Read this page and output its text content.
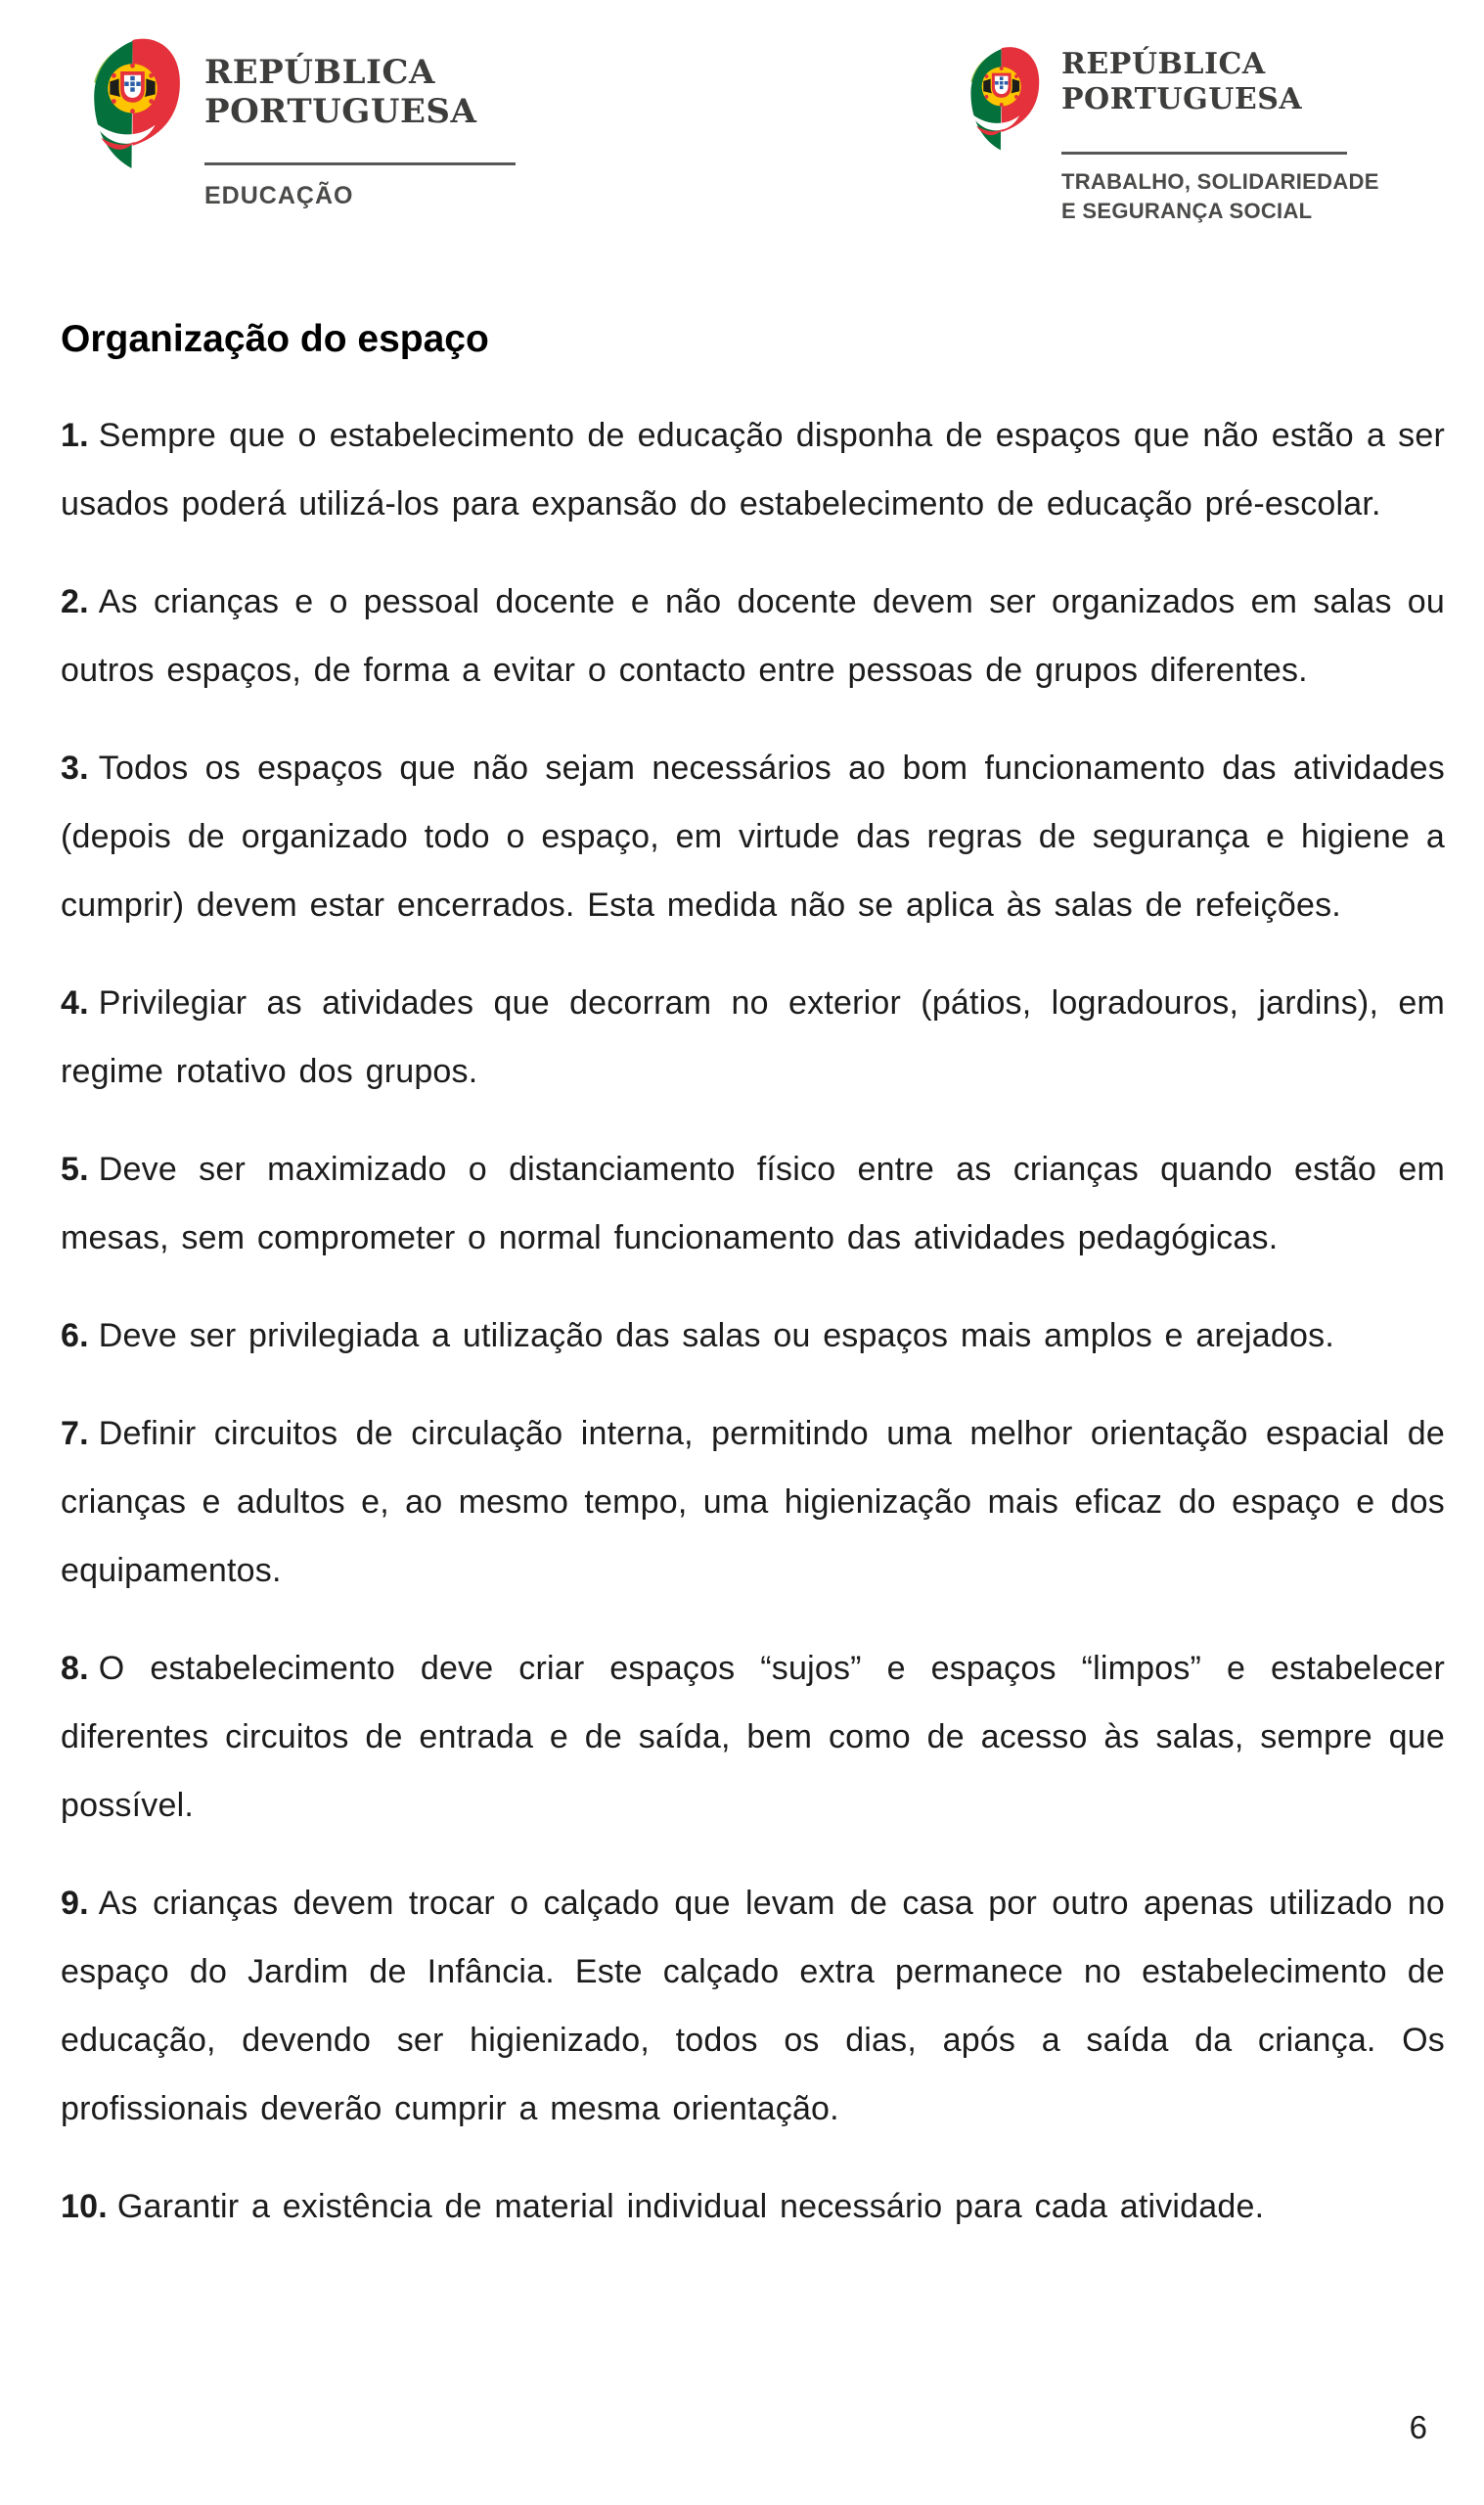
REPÚBLICA
PORTUGUESA
EDUCAÇÃO
REPÚBLICA
PORTUGUESA
TRABALHO, SOLIDARIEDADE
E SEGURANÇA SOCIAL
Organização do espaço

1. Sempre que o estabelecimento de educação disponha de espaços que não estão a ser usados poderá utilizá-los para expansão do estabelecimento de educação pré-escolar.

2. As crianças e o pessoal docente e não docente devem ser organizados em salas ou outros espaços, de forma a evitar o contacto entre pessoas de grupos diferentes.

3. Todos os espaços que não sejam necessários ao bom funcionamento das atividades (depois de organizado todo o espaço, em virtude das regras de segurança e higiene a cumprir) devem estar encerrados. Esta medida não se aplica às salas de refeições.

4. Privilegiar as atividades que decorram no exterior (pátios, logradouros, jardins), em regime rotativo dos grupos.

5. Deve ser maximizado o distanciamento físico entre as crianças quando estão em mesas, sem comprometer o normal funcionamento das atividades pedagógicas.

6. Deve ser privilegiada a utilização das salas ou espaços mais amplos e arejados.

7. Definir circuitos de circulação interna, permitindo uma melhor orientação espacial de crianças e adultos e, ao mesmo tempo, uma higienização mais eficaz do espaço e dos equipamentos.

8. O estabelecimento deve criar espaços “sujos” e espaços “limpos” e estabelecer diferentes circuitos de entrada e de saída, bem como de acesso às salas, sempre que possível.

9. As crianças devem trocar o calçado que levam de casa por outro apenas utilizado no espaço do Jardim de Infância. Este calçado extra permanece no estabelecimento de educação, devendo ser higienizado, todos os dias, após a saída da criança. Os profissionais deverão cumprir a mesma orientação.

10. Garantir a existência de material individual necessário para cada atividade.

6
